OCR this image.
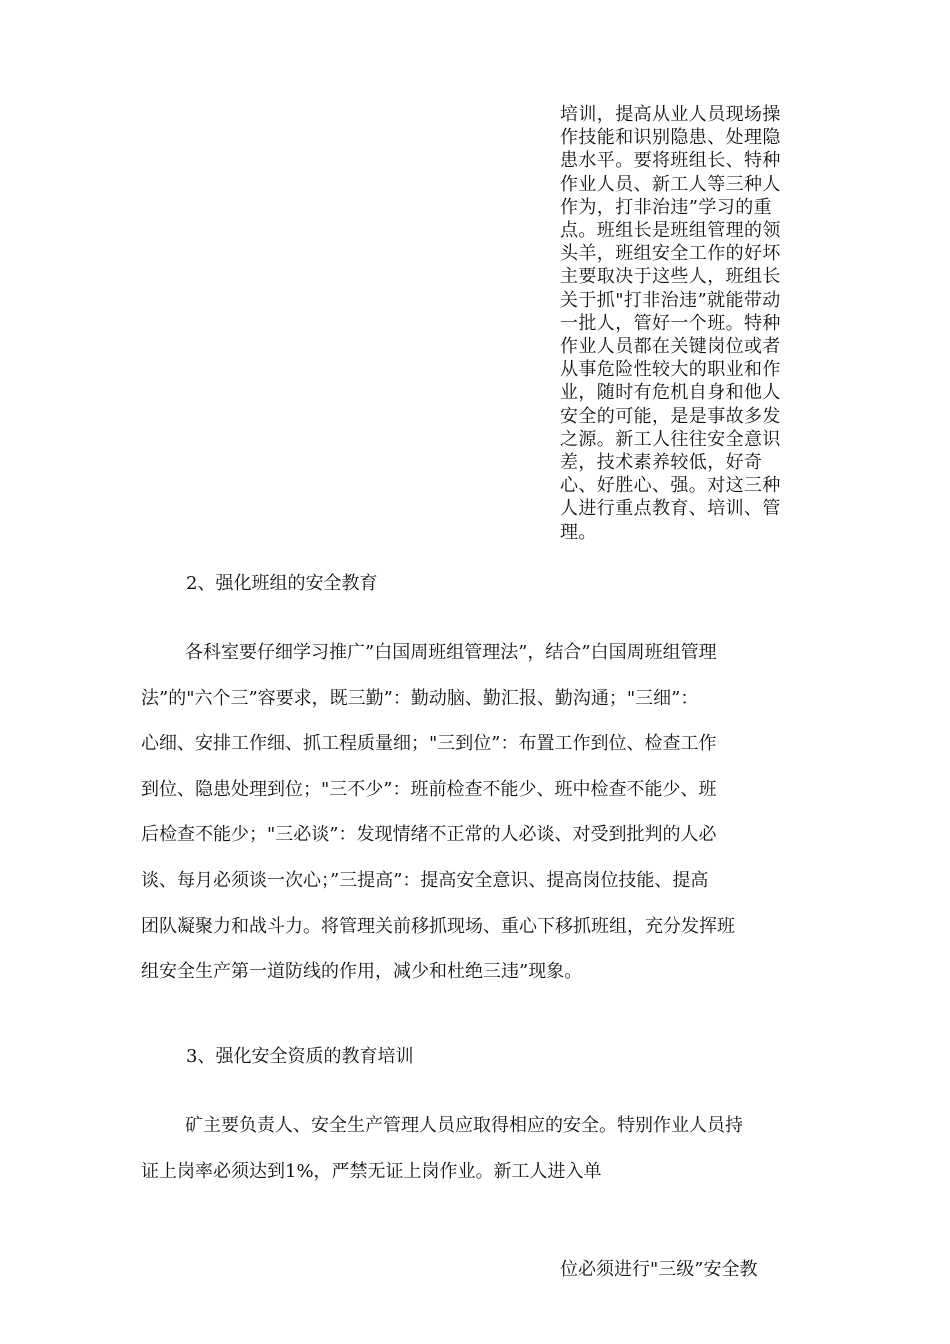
培训，提高从业人员现场操
作技能和识别隐患、处理隐
患水平。要将班组长、特种
作业人员、新工人等三种人
作为，打非治违”学习的重
点。班组长是班组管理的领
头羊，班组安全工作的好坏
主要取决于这些人，班组长
关于抓"打非治违”就能带动
一批人，管好一个班。特种
作业人员都在关键岗位或者
从事危险性较大的职业和作
业，随时有危机自身和他人
安全的可能，是是事故多发
之源。新工人往往安全意识
差，技术素养较低，好奇
心、好胜心、强。对这三种
人进行重点教育、培训、管
理。
2、强化班组的安全教育
各科室要仔细学习推广”白国周班组管理法”，结合”白国周班组管理
法”的"六个三”容要求，既三勤”：勤动脑、勤汇报、勤沟通；"三细”：
心细、安排工作细、抓工程质量细；"三到位”：布置工作到位、检查工作
到位、隐患处理到位；"三不少”：班前检查不能少、班中检查不能少、班
后检查不能少；"三必谈”：发现情绪不正常的人必谈、对受到批判的人必
谈、每月必须谈一次心；”三提高”：提高安全意识、提高岗位技能、提高
团队凝聚力和战斗力。将管理关前移抓现场、重心下移抓班组，充分发挥班
组安全生产第一道防线的作用，减少和杜绝三违”现象。
3、强化安全资质的教育培训
矿主要负责人、安全生产管理人员应取得相应的安全。特别作业人员持
证上岗率必须达到1%，严禁无证上岗作业。新工人进入单
位必须进行"三级”安全教
